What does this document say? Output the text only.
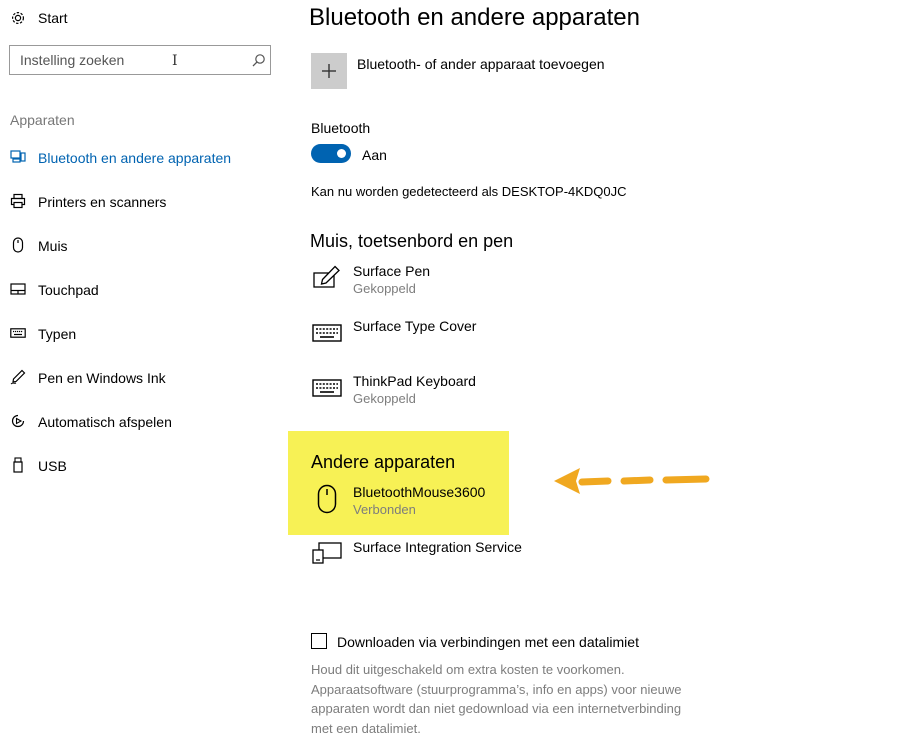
Start
Instelling zoeken	I
Apparaten
Bluetooth en andere apparaten
Printers en scanners
Muis
Touchpad
Typen
Pen en Windows Ink
Automatisch afspelen
USB
Bluetooth en andere apparaten
Bluetooth- of ander apparaat toevoegen
Bluetooth
Aan
Kan nu worden gedetecteerd als DESKTOP-4KDQ0JC
Muis, toetsenbord en pen
Surface Pen
Gekoppeld
Surface Type Cover
ThinkPad Keyboard
Gekoppeld
Andere apparaten
BluetoothMouse3600
Verbonden
Surface Integration Service
Downloaden via verbindingen met een datalimiet
Houd dit uitgeschakeld om extra kosten te voorkomen.
Apparaatsoftware (stuurprogramma’s, info en apps) voor nieuwe
apparaten wordt dan niet gedownload via een internetverbinding
met een datalimiet.
